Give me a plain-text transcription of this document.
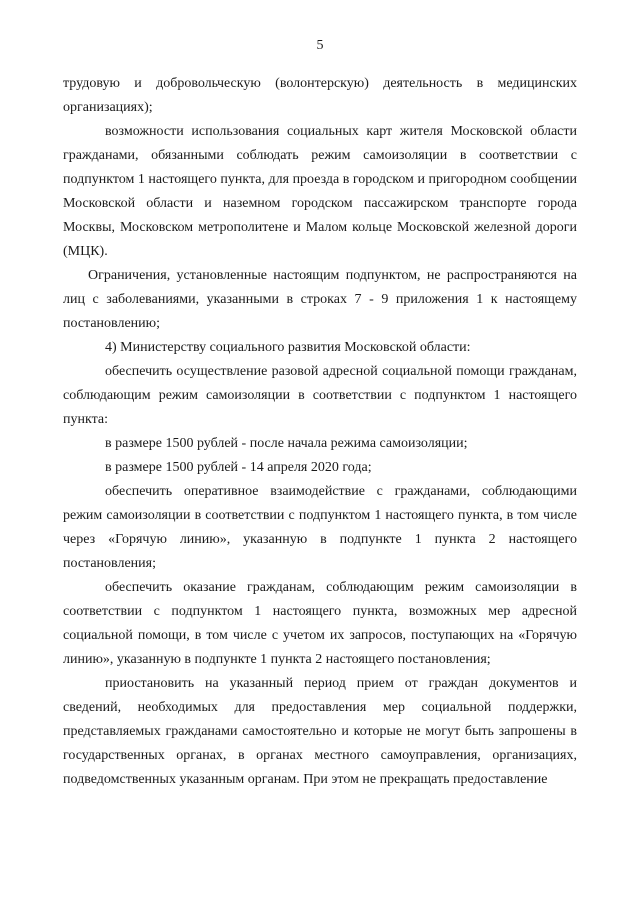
5

трудовую и добровольческую (волонтерскую) деятельность в медицинских организациях);

возможности использования социальных карт жителя Московской области гражданами, обязанными соблюдать режим самоизоляции в соответствии с подпунктом 1 настоящего пункта, для проезда в городском и пригородном сообщении Московской области и наземном городском пассажирском транспорте города Москвы, Московском метрополитене и Малом кольце Московской железной дороги (МЦК).

Ограничения, установленные настоящим подпунктом, не распространяются на лиц с заболеваниями, указанными в строках 7 - 9 приложения 1 к настоящему постановлению;

4) Министерству социального развития Московской области:

обеспечить осуществление разовой адресной социальной помощи гражданам, соблюдающим режим самоизоляции в соответствии с подпунктом 1 настоящего пункта:

в размере 1500 рублей - после начала режима самоизоляции;

в размере 1500 рублей - 14 апреля 2020 года;

обеспечить оперативное взаимодействие с гражданами, соблюдающими режим самоизоляции в соответствии с подпунктом 1 настоящего пункта, в том числе через «Горячую линию», указанную в подпункте 1 пункта 2 настоящего постановления;

обеспечить оказание гражданам, соблюдающим режим самоизоляции в соответствии с подпунктом 1 настоящего пункта, возможных мер адресной социальной помощи, в том числе с учетом их запросов, поступающих на «Горячую линию», указанную в подпункте 1 пункта 2 настоящего постановления;

приостановить на указанный период прием от граждан документов и сведений, необходимых для предоставления мер социальной поддержки, представляемых гражданами самостоятельно и которые не могут быть запрошены в государственных органах, в органах местного самоуправления, организациях, подведомственных указанным органам. При этом не прекращать предоставление
